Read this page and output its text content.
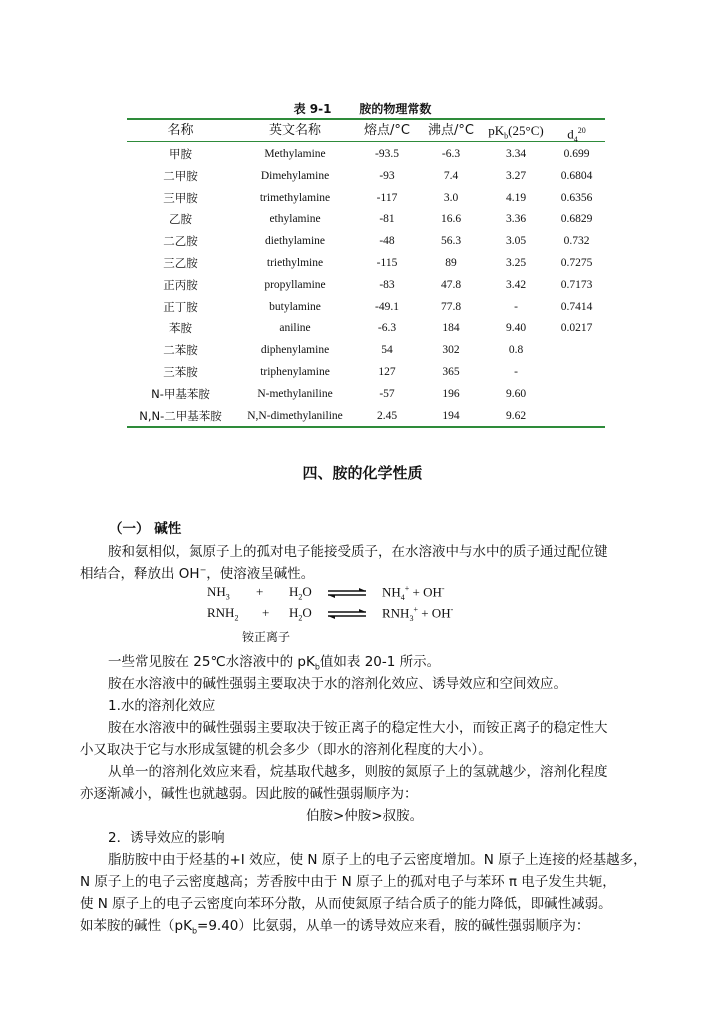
表 9-1 胺的物理常数
名称	英文名称	熔点/°C	沸点/°C	$pK_b(25^\circ C)$	$d_4^{20}$
甲胺	Methylamine	-93.5	-6.3	3.34	0.699
二甲胺	Dimehylamine	-93	7.4	3.27	0.6804
三甲胺	trimethylamine	-117	3.0	4.19	0.6356
乙胺	ethylamine	-81	16.6	3.36	0.6829
二乙胺	diethylamine	-48	56.3	3.05	0.732
三乙胺	triethylmine	-115	89	3.25	0.7275
正丙胺	propyllamine	-83	47.8	3.42	0.7173
正丁胺	butylamine	-49.1	77.8	-	0.7414
苯胺	aniline	-6.3	184	9.40	0.0217
二苯胺	diphenylamine	54	302	0.8
三苯胺	triphenylamine	127	365	-
N-甲基苯胺	N-methylaniline	-57	196	9.60
N,N-二甲基苯胺	N,N-dimethylaniline	2.45	194	9.62
四、胺的化学性质
（一） 碱性
胺和氨相似，氮原子上的孤对电子能接受质子，在水溶液中与水中的质子通过配位键
相结合，释放出 OH−，使溶液呈碱性。
$NH_3 + H_2O$ ⇌ $NH_4^+ + OH^-$
$RNH_2 + H_2O$ ⇌ $RNH_3^+ + OH^-$
铵正离子
一些常见胺在 25℃水溶液中的 $pK_b$值如表 20-1 所示。
胺在水溶液中的碱性强弱主要取决于水的溶剂化效应、诱导效应和空间效应。
1.水的溶剂化效应
胺在水溶液中的碱性强弱主要取决于铵正离子的稳定性大小，而铵正离子的稳定性大
小又取决于它与水形成氢键的机会多少（即水的溶剂化程度的大小）。
从单一的溶剂化效应来看，烷基取代越多，则胺的氮原子上的氢就越少，溶剂化程度
亦逐渐减小，碱性也就越弱。因此胺的碱性强弱顺序为：
伯胺>仲胺>叔胺。
2．诱导效应的影响
脂肪胺中由于烃基的+I 效应，使 N 原子上的电子云密度增加。N 原子上连接的烃基越多，
N 原子上的电子云密度越高；芳香胺中由于 N 原子上的孤对电子与苯环 π 电子发生共轭，
使 N 原子上的电子云密度向苯环分散，从而使氮原子结合质子的能力降低，即碱性减弱。
如苯胺的碱性$(pK_b=9.40)$比氨弱，从单一的诱导效应来看，胺的碱性强弱顺序为：
